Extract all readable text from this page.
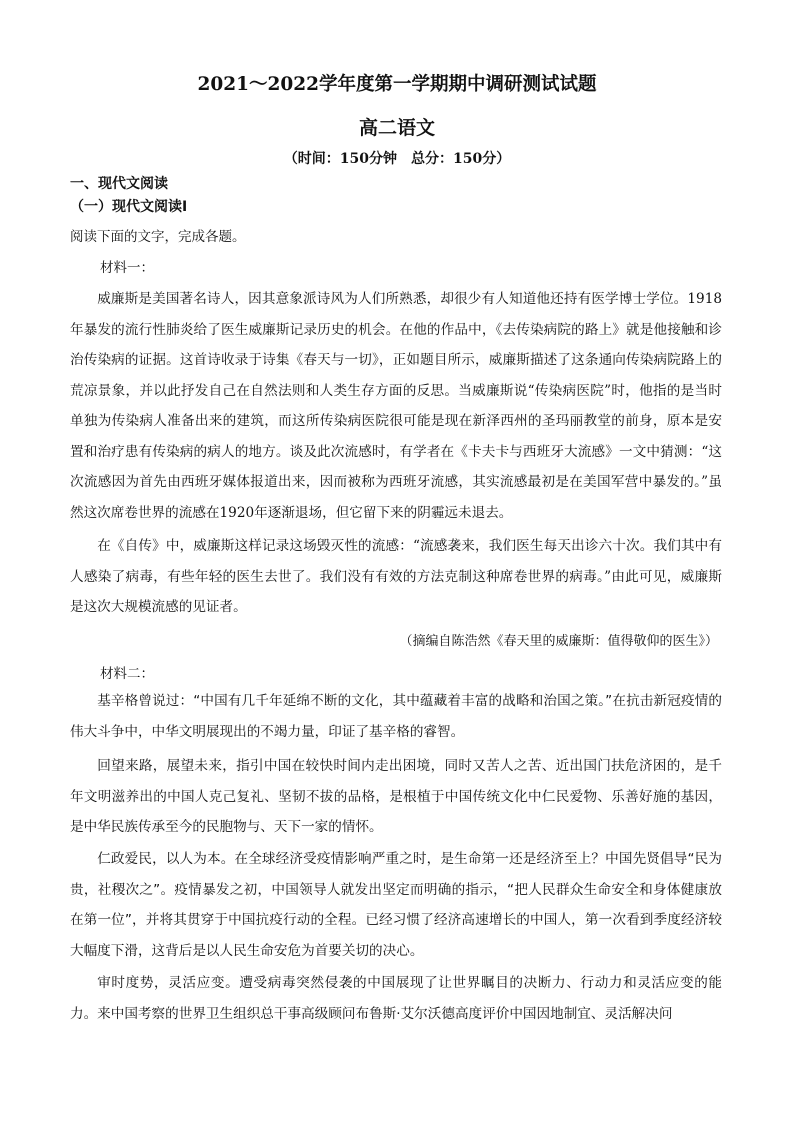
2021～2022学年度第一学期期中调研测试试题
高二语文
（时间：150分钟　总分：150分）
一、现代文阅读
（一）现代文阅读Ⅰ
阅读下面的文字，完成各题。
材料一：

威廉斯是美国著名诗人，因其意象派诗风为人们所熟悉，却很少有人知道他还持有医学博士学位。1918年暴发的流行性肺炎给了医生威廉斯记录历史的机会。在他的作品中，《去传染病院的路上》就是他接触和诊治传染病的证据。这首诗收录于诗集《春天与一切》，正如题目所示，威廉斯描述了这条通向传染病院路上的荒凉景象，并以此抒发自己在自然法则和人类生存方面的反思。当威廉斯说“传染病医院”时，他指的是当时单独为传染病人准备出来的建筑，而这所传染病医院很可能是现在新泽西州的圣玛丽教堂的前身，原本是安置和治疗患有传染病的病人的地方。谈及此次流感时，有学者在《卡夫卡与西班牙大流感》一文中猜测：“这次流感因为首先由西班牙媒体报道出来，因而被称为西班牙流感，其实流感最初是在美国军营中暴发的。”虽然这次席卷世界的流感在1920年逐渐退场，但它留下来的阴霾远未退去。

在《自传》中，威廉斯这样记录这场毁灭性的流感：“流感袭来，我们医生每天出诊六十次。我们其中有人感染了病毒，有些年轻的医生去世了。我们没有有效的方法克制这种席卷世界的病毒。”由此可见，威廉斯是这次大规模流感的见证者。

（摘编自陈浩然《春天里的威廉斯：值得敬仰的医生》）
材料二：

基辛格曾说过：“中国有几千年延绵不断的文化，其中蕴藏着丰富的战略和治国之策。”在抗击新冠疫情的伟大斗争中，中华文明展现出的不竭力量，印证了基辛格的睿智。

回望来路，展望未来，指引中国在较快时间内走出困境，同时又苦人之苦、近出国门扶危济困的，是千年文明滋养出的中国人克己复礼、坚韧不拔的品格，是根植于中国传统文化中仁民爱物、乐善好施的基因，是中华民族传承至今的民胞物与、天下一家的情怀。

仁政爱民，以人为本。在全球经济受疫情影响严重之时，是生命第一还是经济至上？中国先贤倡导“民为贵，社稷次之”。疫情暴发之初，中国领导人就发出坚定而明确的指示，“把人民群众生命安全和身体健康放在第一位”，并将其贯穿于中国抗疫行动的全程。已经习惯了经济高速增长的中国人，第一次看到季度经济较大幅度下滑，这背后是以人民生命安危为首要关切的决心。

审时度势，灵活应变。遭受病毒突然侵袭的中国展现了让世界瞩目的决断力、行动力和灵活应变的能力。来中国考察的世界卫生组织总干事高级顾问布鲁斯·艾尔沃德高度评价中国因地制宜、灵活解决问
